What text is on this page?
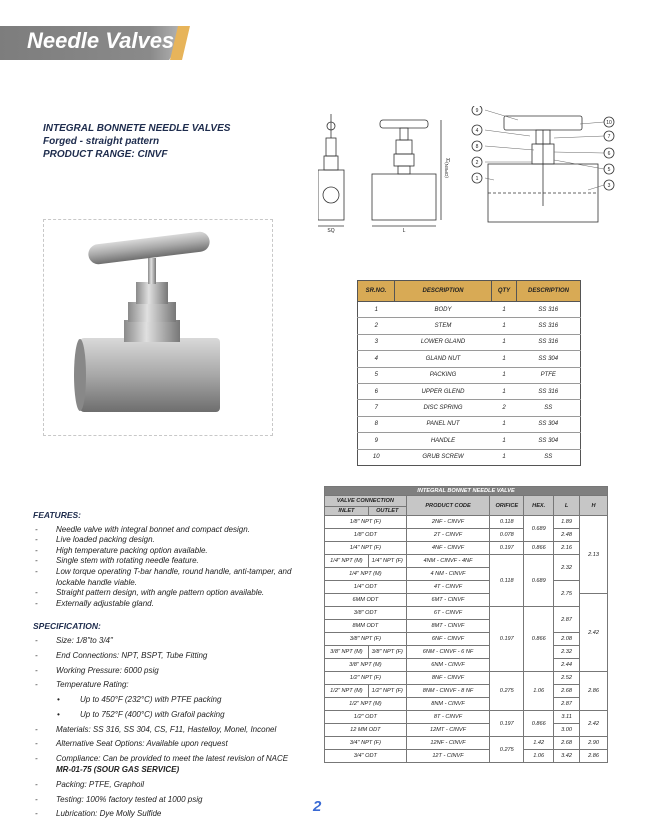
Needle Valves
INTEGRAL BONNETE NEEDLE VALVES
Forged - straight pattern
PRODUCT RANGE: CINVF
SQ	L
H
(OPEN)
9
4
8
2
1
10
7
6
5
3
SR.NO.	DESCRIPTION	QTY	DESCRIPTION
1	BODY	1	SS 316
2	STEM	1	SS 316
3	LOWER GLAND	1	SS 316
4	GLAND NUT	1	SS 304
5	PACKING	1	PTFE
6	UPPER GLEND	1	SS 316
7	DISC SPRING	2	SS
8	PANEL NUT	1	SS 304
9	HANDLE	1	SS 304
10	GRUB SCREW	1	SS
FEATURES:
- Needle valve with integral bonnet and compact design.
- Live loaded packing design.
- High temperature packing option available.
- Single stem with rotating needle feature.
- Low torque operating T-bar handle, round handle, anti-tamper, and lockable handle viable.
- Straight pattern design, with angle pattern option available.
- Externally adjustable gland.
SPECIFICATION:
- Size: 1/8"to 3/4"
- End Connections: NPT, BSPT, Tube Fitting
- Working Pressure: 6000 psig
- Temperature Rating:
• Up to 450°F (232°C) with PTFE packing
• Up to 752°F (400°C) with Grafoil packing
- Materials: SS 316, SS 304, CS, F11, Hastelloy, Monel, Inconel
- Alternative Seat Options: Available upon request
- Compliance: Can be provided to meet the latest revision of NACE
MR-01-75 (SOUR GAS SERVICE)
- Packing: PTFE, Graphoil
- Testing: 100% factory tested at 1000 psig
- Lubrication: Dye Molly Sulfide
INTEGRAL BONNET NEEDLE VALVE						
VALVE CONNECTION		PRODUCT CODE	ORIFICE	HEX.	L	H
INLET	OUTLET					
1/8" NPT (F)		2NF - CINVF	0.118	0.689	1.89	2.13
1/8" ODT		2T - CINVF	0.078		2.48	
1/4" NPT (F)		4NF - CINVF	0.197	0.866	2.16	
1/4" NPT (M)	1/4" NPT (F)	4NM - CINVF - 4NF	0.118	0.689	2.32	
1/4" NPT (M)		4 NM - CINVF				
1/4" ODT		4T - CINVF			2.75	
6MM ODT		6MT - CINVF				2.42
3/8" ODT		6T - CINVF	0.197	0.866	2.87	
8MM ODT		8MT - CINVF				
3/8" NPT (F)		6NF - CINVF			2.08	
3/8" NPT (M)	3/8" NPT (F)	6NM - CINVF - 6 NF			2.32	
3/8" NPT (M)		6NM - CINVF			2.44	
1/2" NPT (F)		8NF - CINVF	0.275	1.06	2.52	2.86
1/2" NPT (M)	1/2" NPT (F)	8NM - CINVF - 8 NF			2.68	
1/2" NPT (M)		8NM - CINVF			2.87	
1/2" ODT		8T - CINVF	0.197	0.866	3.11	2.42
12 MM ODT		12MT - CINVF			3.00	
3/4" NPT (F)		12NF - CINVF	0.275	1.42	2.68	2.90
3/4" ODT		12T - CINVF		1.06	3.42	2.86
2
